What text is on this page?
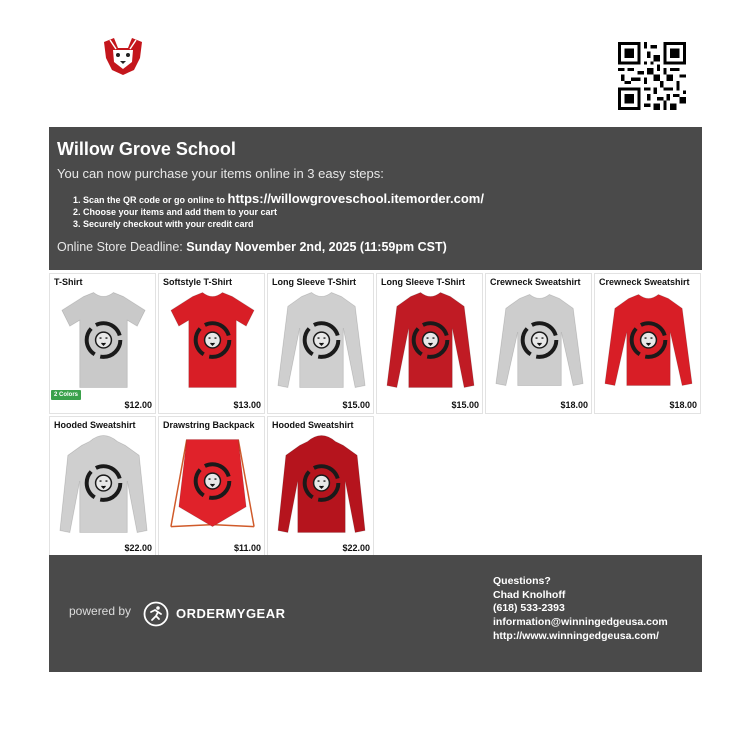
Willow Grove School
You can now purchase your items online in 3 easy steps:
1. Scan the QR code or go online to https://willowgroveschool.itemorder.com/
2. Choose your items and add them to your cart
3. Securely checkout with your credit card
Online Store Deadline: Sunday November 2nd, 2025 (11:59pm CST)
T-Shirt
2 Colors
$12.00
Softstyle T-Shirt
$13.00
Long Sleeve T-Shirt
$15.00
Long Sleeve T-Shirt
$15.00
Crewneck Sweatshirt
$18.00
Crewneck Sweatshirt
$18.00
Hooded Sweatshirt
$22.00
Drawstring Backpack
$11.00
Hooded Sweatshirt
$22.00
powered by	ORDERMYGEAR
Questions?
Chad Knolhoff
(618) 533-2393
information@winningedgeusa.com
http://www.winningedgeusa.com/
